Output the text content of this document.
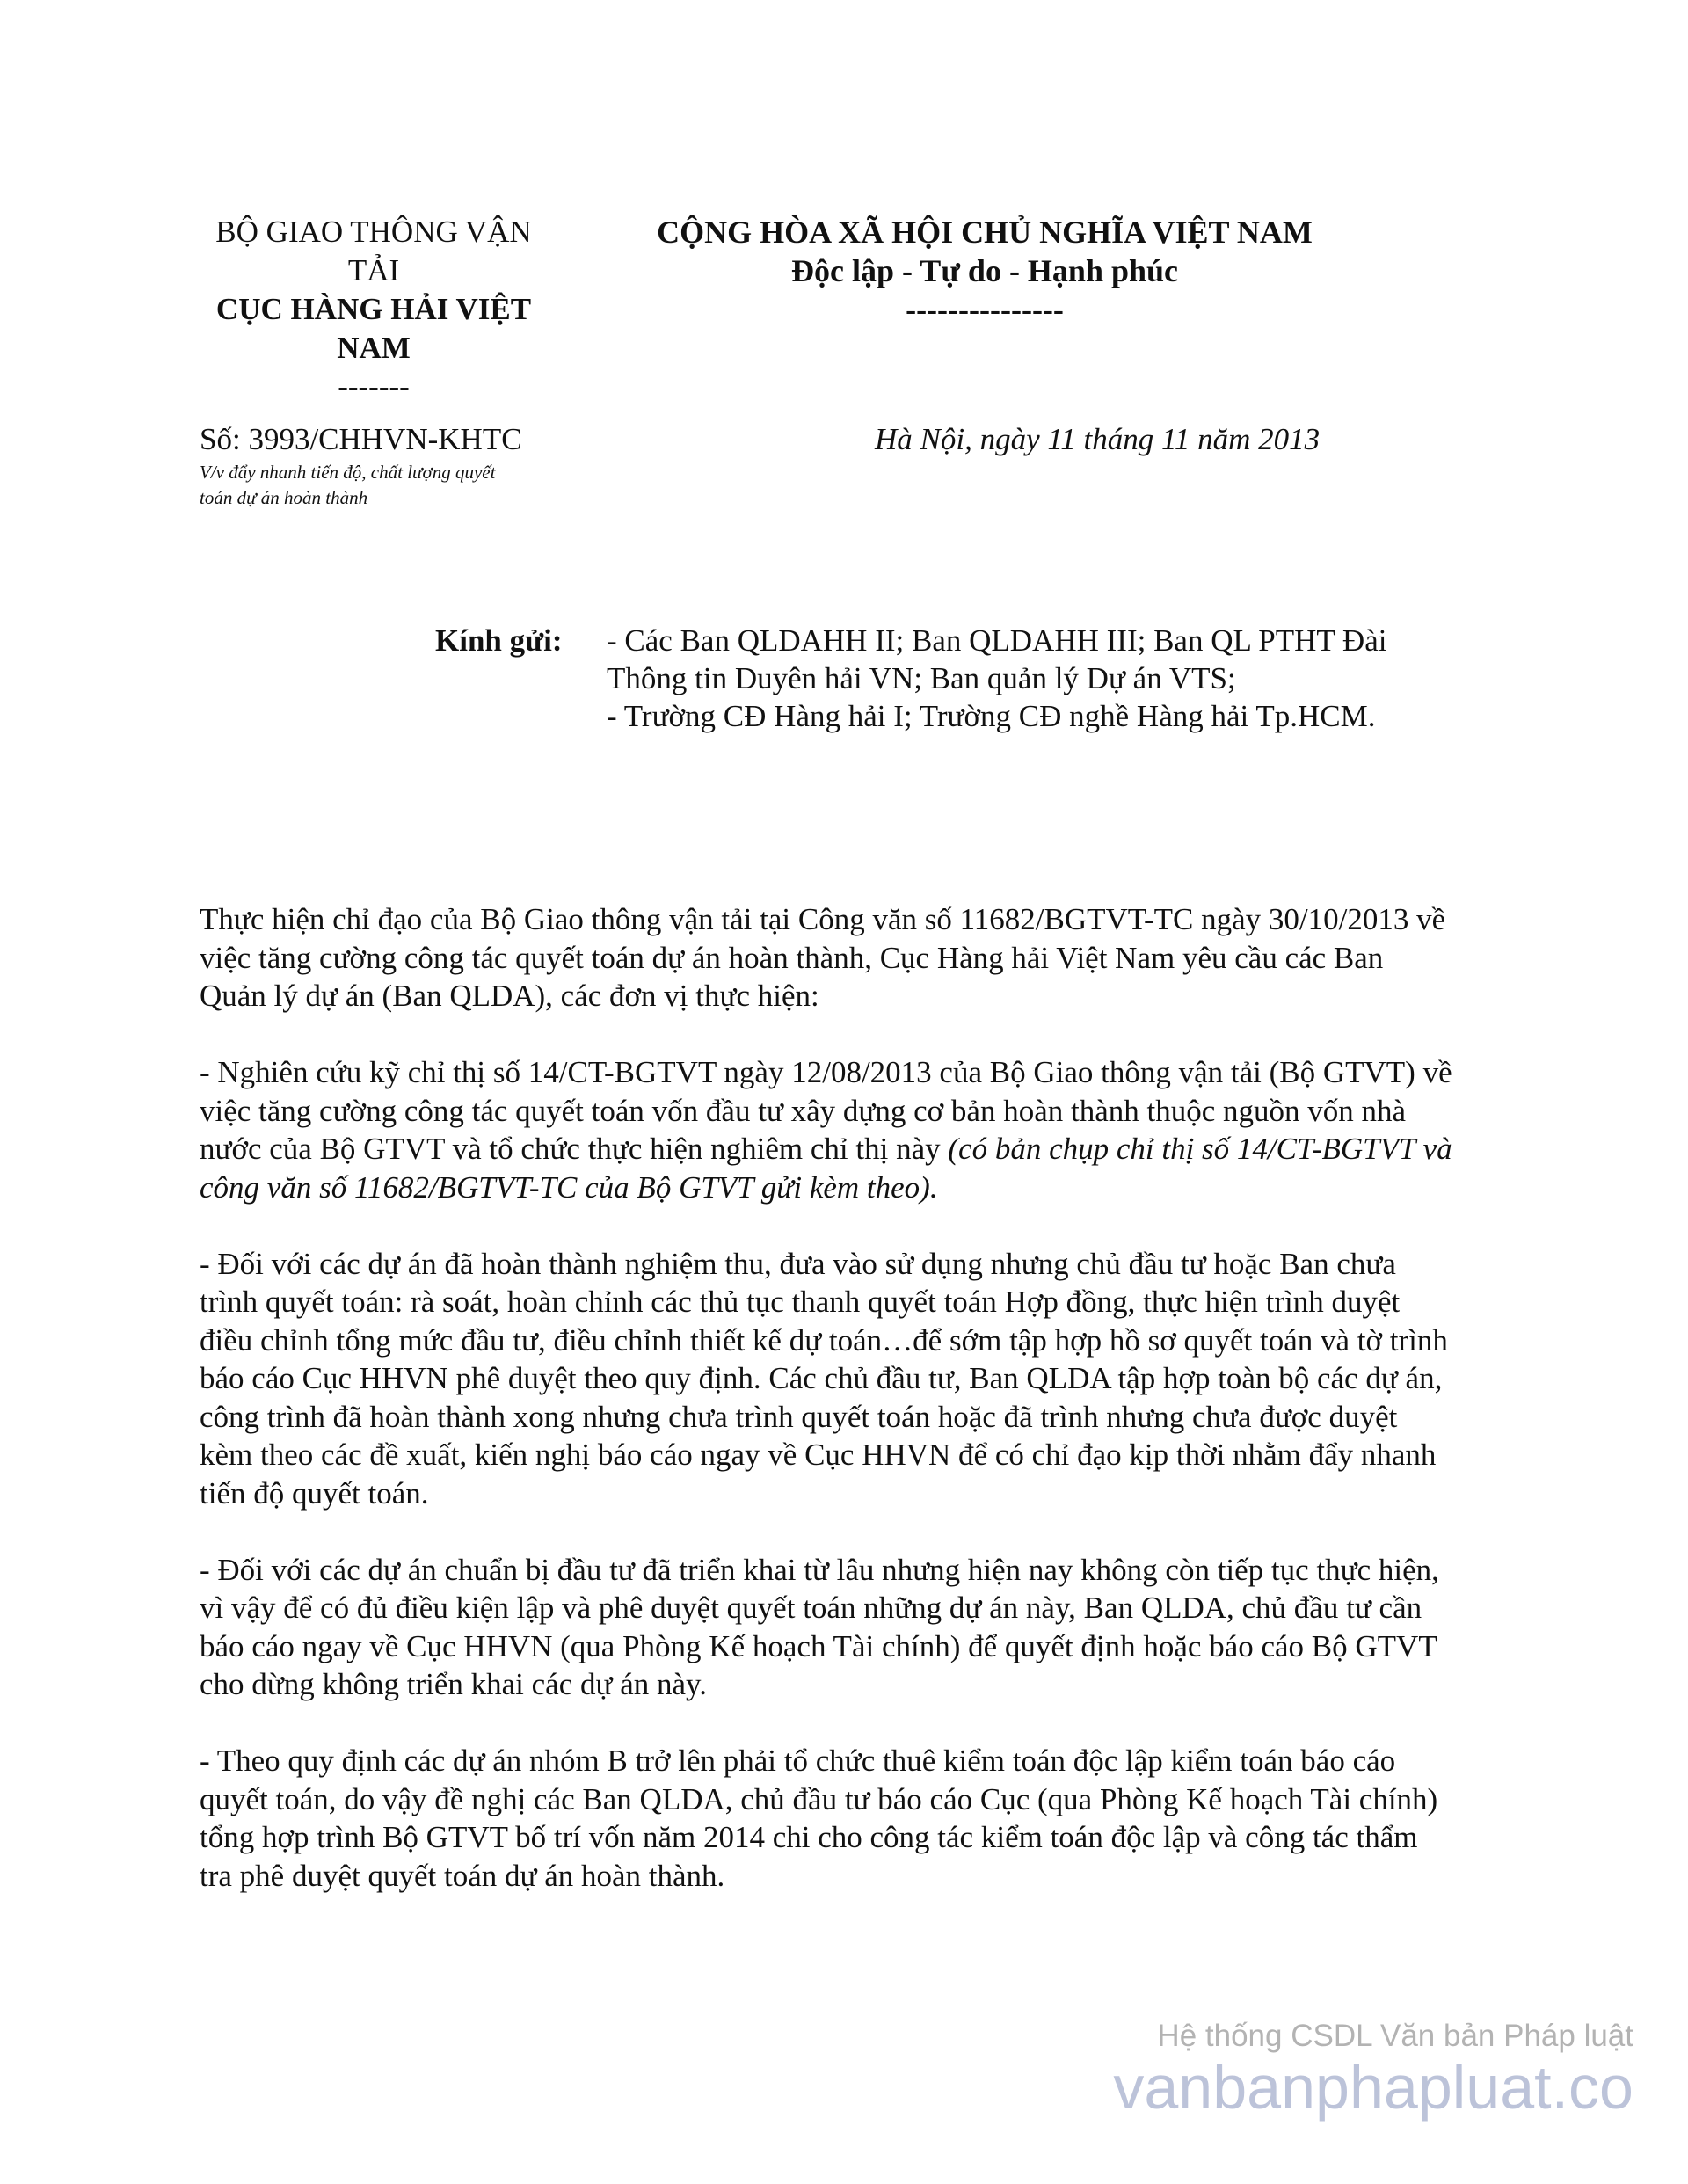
BỘ GIAO THÔNG VẬN
TẢI
CỤC HÀNG HẢI VIỆT
NAM
-------
CỘNG HÒA XÃ HỘI CHỦ NGHĨA VIỆT NAM
Độc lập - Tự do - Hạnh phúc
---------------
Số: 3993/CHHVN-KHTC
V/v đẩy nhanh tiến độ, chất lượng quyết
toán dự án hoàn thành
Hà Nội, ngày 11 tháng 11 năm 2013
Kính gửi: - Các Ban QLDAHH II; Ban QLDAHH III; Ban QL PTHT Đài Thông tin Duyên hải VN; Ban quản lý Dự án VTS;

- Trường CĐ Hàng hải I; Trường CĐ nghề Hàng hải Tp.HCM.

Thực hiện chỉ đạo của Bộ Giao thông vận tải tại Công văn số 11682/BGTVT-TC ngày 30/10/2013 về việc tăng cường công tác quyết toán dự án hoàn thành, Cục Hàng hải Việt Nam yêu cầu các Ban Quản lý dự án (Ban QLDA), các đơn vị thực hiện:

- Nghiên cứu kỹ chỉ thị số 14/CT-BGTVT ngày 12/08/2013 của Bộ Giao thông vận tải (Bộ GTVT) về việc tăng cường công tác quyết toán vốn đầu tư xây dựng cơ bản hoàn thành thuộc nguồn vốn nhà nước của Bộ GTVT và tổ chức thực hiện nghiêm chỉ thị này (có bản chụp chỉ thị số 14/CT-BGTVT và công văn số 11682/BGTVT-TC của Bộ GTVT gửi kèm theo).

- Đối với các dự án đã hoàn thành nghiệm thu, đưa vào sử dụng nhưng chủ đầu tư hoặc Ban chưa trình quyết toán: rà soát, hoàn chỉnh các thủ tục thanh quyết toán Hợp đồng, thực hiện trình duyệt điều chỉnh tổng mức đầu tư, điều chỉnh thiết kế dự toán…để sớm tập hợp hồ sơ quyết toán và tờ trình báo cáo Cục HHVN phê duyệt theo quy định. Các chủ đầu tư, Ban QLDA tập hợp toàn bộ các dự án, công trình đã hoàn thành xong nhưng chưa trình quyết toán hoặc đã trình nhưng chưa được duyệt kèm theo các đề xuất, kiến nghị báo cáo ngay về Cục HHVN để có chỉ đạo kịp thời nhằm đẩy nhanh tiến độ quyết toán.

- Đối với các dự án chuẩn bị đầu tư đã triển khai từ lâu nhưng hiện nay không còn tiếp tục thực hiện, vì vậy để có đủ điều kiện lập và phê duyệt quyết toán những dự án này, Ban QLDA, chủ đầu tư cần báo cáo ngay về Cục HHVN (qua Phòng Kế hoạch Tài chính) để quyết định hoặc báo cáo Bộ GTVT cho dừng không triển khai các dự án này.

- Theo quy định các dự án nhóm B trở lên phải tổ chức thuê kiểm toán độc lập kiểm toán báo cáo quyết toán, do vậy đề nghị các Ban QLDA, chủ đầu tư báo cáo Cục (qua Phòng Kế hoạch Tài chính) tổng hợp trình Bộ GTVT bố trí vốn năm 2014 chi cho công tác kiểm toán độc lập và công tác thẩm tra phê duyệt quyết toán dự án hoàn thành.

Hệ thống CSDL Văn bản Pháp luật
vanbanphapluat.co
